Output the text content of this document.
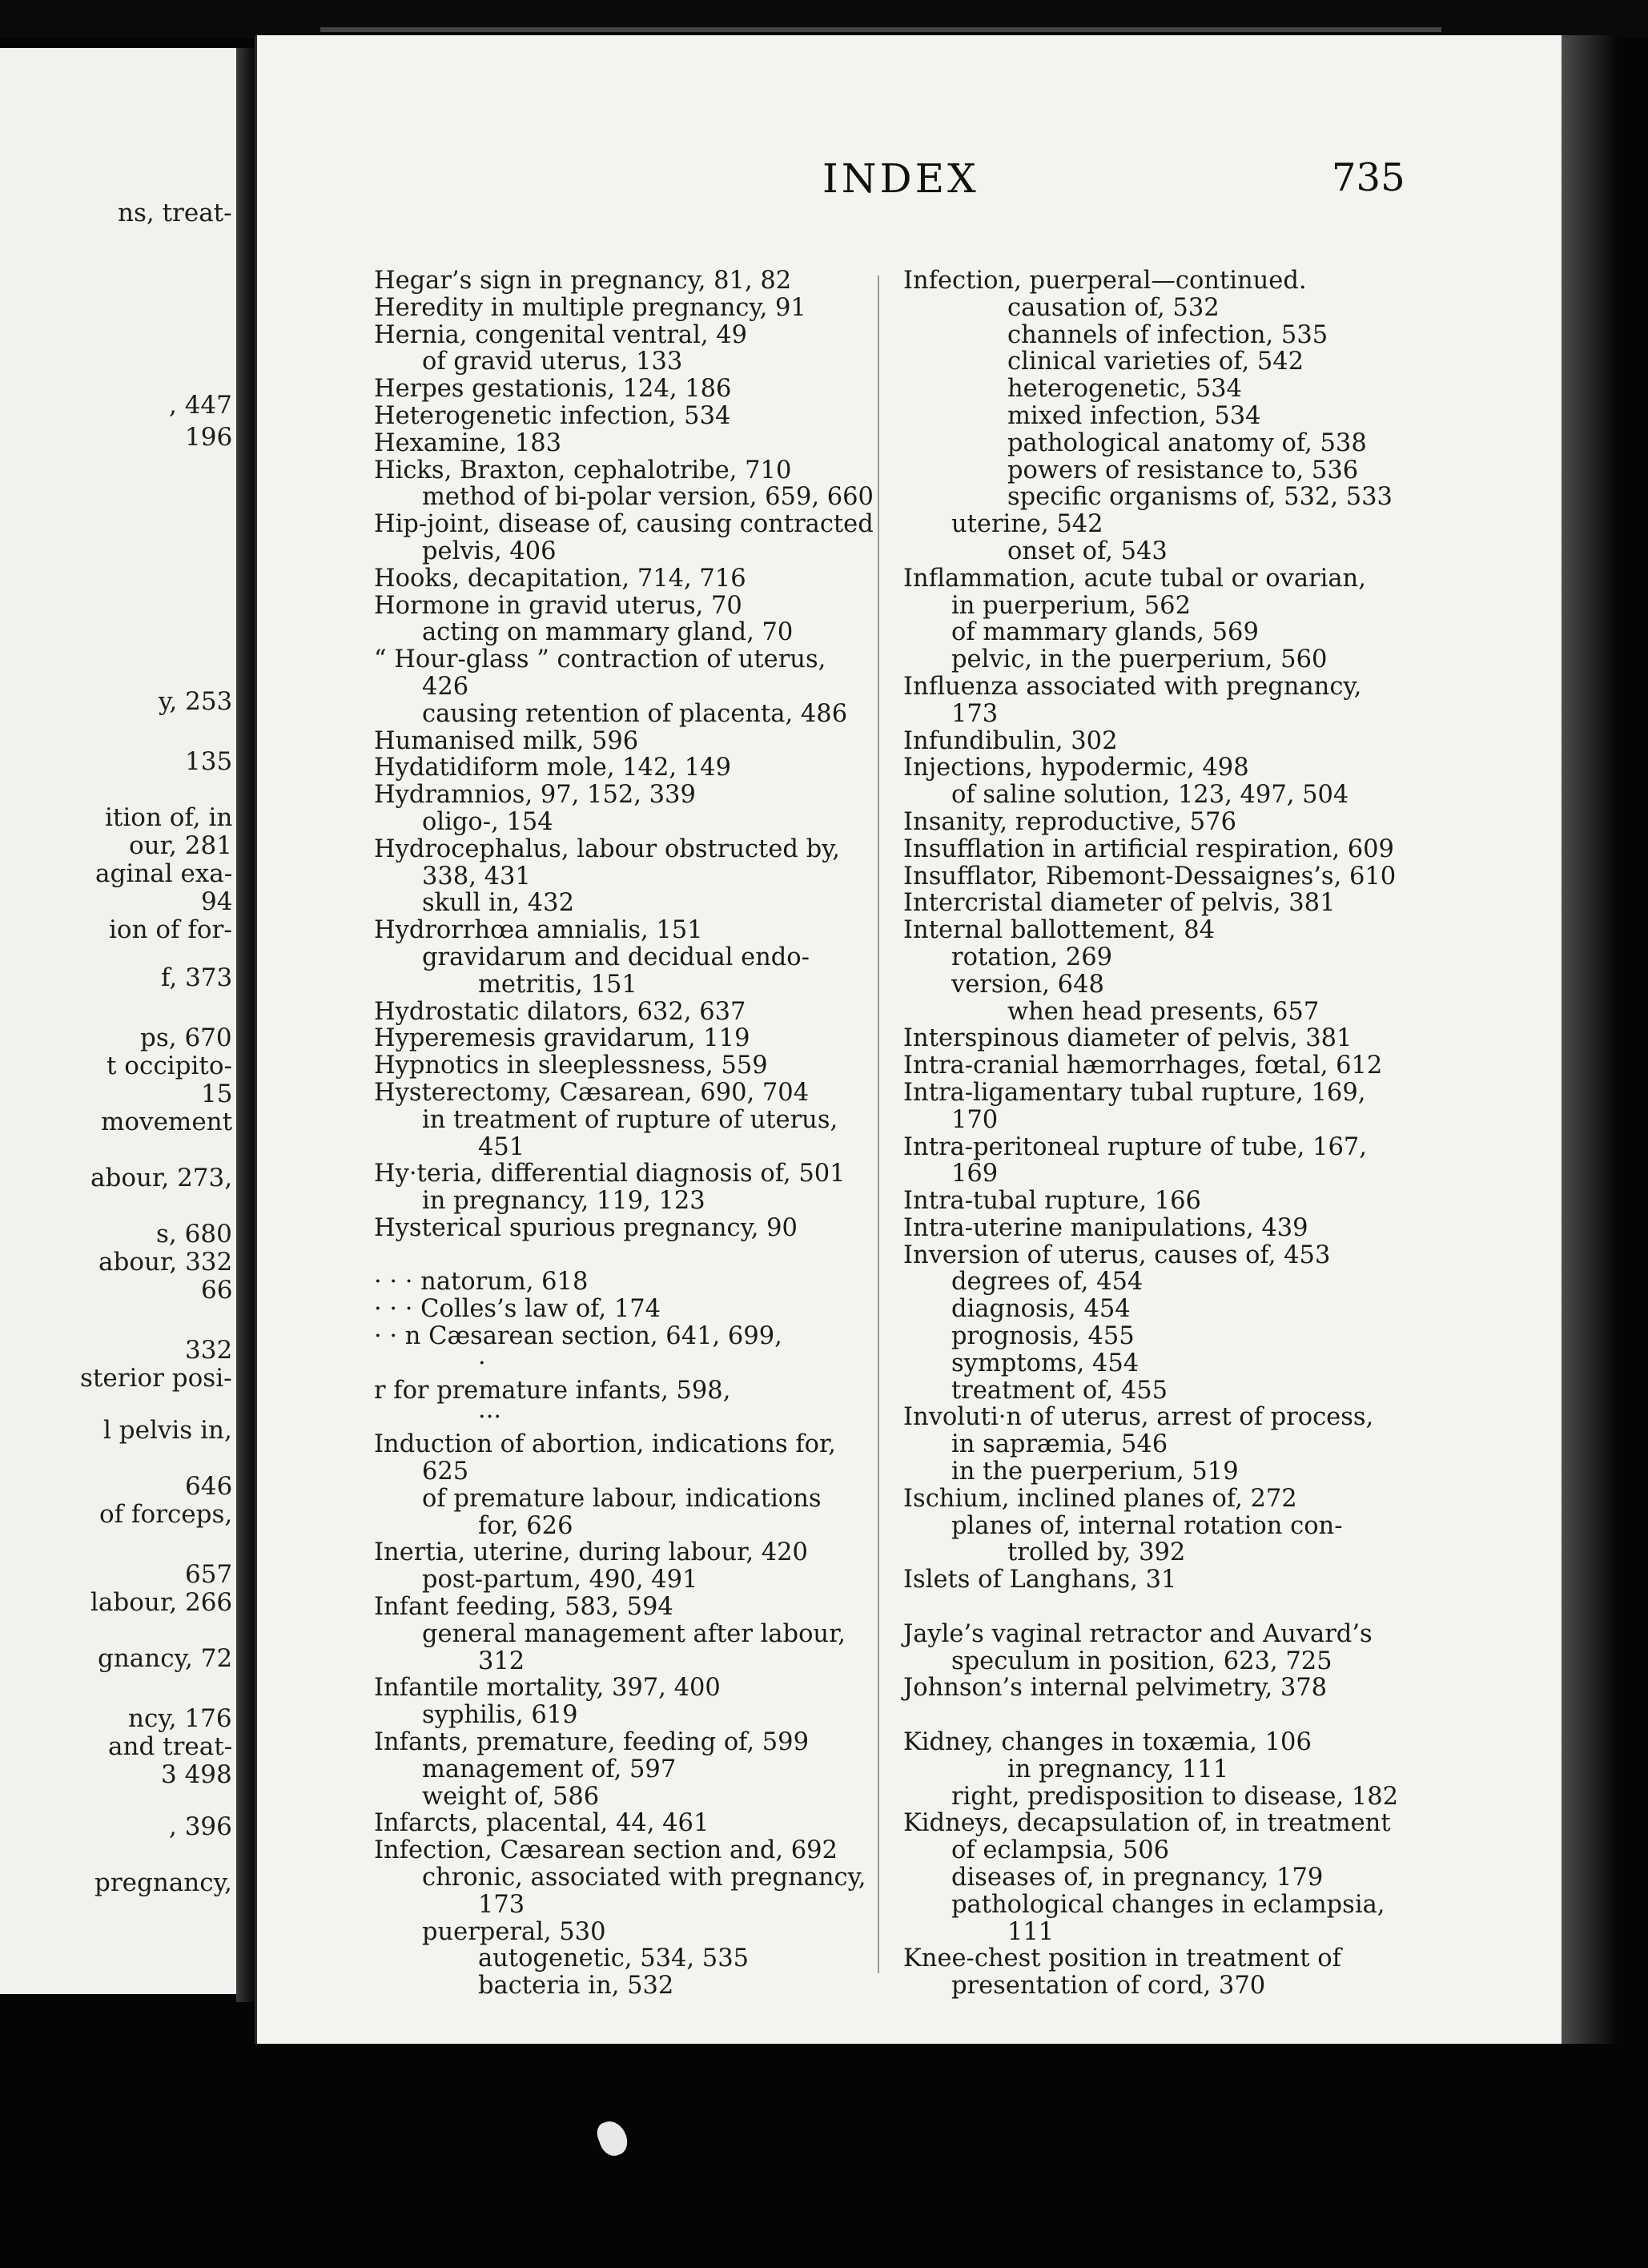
ns, treat-
, 447
196
y, 253
135
ition of, in
our, 281
aginal exa-
94
ion of for-
f, 373
ps, 670
t occipito-
15
movement
abour, 273,
s, 680
abour, 332
66
332
sterior posi-
l pelvis in,
646
of forceps,
657
labour, 266
gnancy, 72
ncy, 176
and treat-
3 498
, 396
pregnancy,
INDEX	735
Hegar’s sign in pregnancy, 81, 82
Heredity in multiple pregnancy, 91
Hernia, congenital ventral, 49
of gravid uterus, 133
Herpes gestationis, 124, 186
Heterogenetic infection, 534
Hexamine, 183
Hicks, Braxton, cephalotribe, 710
method of bi-polar version, 659, 660
Hip-joint, disease of, causing contracted
pelvis, 406
Hooks, decapitation, 714, 716
Hormone in gravid uterus, 70
acting on mammary gland, 70
“ Hour-glass ” contraction of uterus,
426
causing retention of placenta, 486
Humanised milk, 596
Hydatidiform mole, 142, 149
Hydramnios, 97, 152, 339
oligo-, 154
Hydrocephalus, labour obstructed by,
338, 431
skull in, 432
Hydrorrhœa amnialis, 151
gravidarum and decidual endo-
metritis, 151
Hydrostatic dilators, 632, 637
Hyperemesis gravidarum, 119
Hypnotics in sleeplessness, 559
Hysterectomy, Cæsarean, 690, 704
in treatment of rupture of uterus,
451
Hy·teria, differential diagnosis of, 501
in pregnancy, 119, 123
Hysterical spurious pregnancy, 90
· · · natorum, 618
· · · Colles’s law of, 174
· · n Cæsarean section, 641, 699,
·
r for premature infants, 598,
···
Induction of abortion, indications for,
625
of premature labour, indications
for, 626
Inertia, uterine, during labour, 420
post-partum, 490, 491
Infant feeding, 583, 594
general management after labour,
312
Infantile mortality, 397, 400
syphilis, 619
Infants, premature, feeding of, 599
management of, 597
weight of, 586
Infarcts, placental, 44, 461
Infection, Cæsarean section and, 692
chronic, associated with pregnancy,
173
puerperal, 530
autogenetic, 534, 535
bacteria in, 532
Infection, puerperal—continued.
causation of, 532
channels of infection, 535
clinical varieties of, 542
heterogenetic, 534
mixed infection, 534
pathological anatomy of, 538
powers of resistance to, 536
specific organisms of, 532, 533
uterine, 542
onset of, 543
Inflammation, acute tubal or ovarian,
in puerperium, 562
of mammary glands, 569
pelvic, in the puerperium, 560
Influenza associated with pregnancy,
173
Infundibulin, 302
Injections, hypodermic, 498
of saline solution, 123, 497, 504
Insanity, reproductive, 576
Insufflation in artificial respiration, 609
Insufflator, Ribemont-Dessaignes’s, 610
Intercristal diameter of pelvis, 381
Internal ballottement, 84
rotation, 269
version, 648
when head presents, 657
Interspinous diameter of pelvis, 381
Intra-cranial hæmorrhages, fœtal, 612
Intra-ligamentary tubal rupture, 169,
170
Intra-peritoneal rupture of tube, 167,
169
Intra-tubal rupture, 166
Intra-uterine manipulations, 439
Inversion of uterus, causes of, 453
degrees of, 454
diagnosis, 454
prognosis, 455
symptoms, 454
treatment of, 455
Involuti·n of uterus, arrest of process,
in sapræmia, 546
in the puerperium, 519
Ischium, inclined planes of, 272
planes of, internal rotation con-
trolled by, 392
Islets of Langhans, 31
Jayle’s vaginal retractor and Auvard’s
speculum in position, 623, 725
Johnson’s internal pelvimetry, 378
Kidney, changes in toxæmia, 106
in pregnancy, 111
right, predisposition to disease, 182
Kidneys, decapsulation of, in treatment
of eclampsia, 506
diseases of, in pregnancy, 179
pathological changes in eclampsia,
111
Knee-chest position in treatment of
presentation of cord, 370
